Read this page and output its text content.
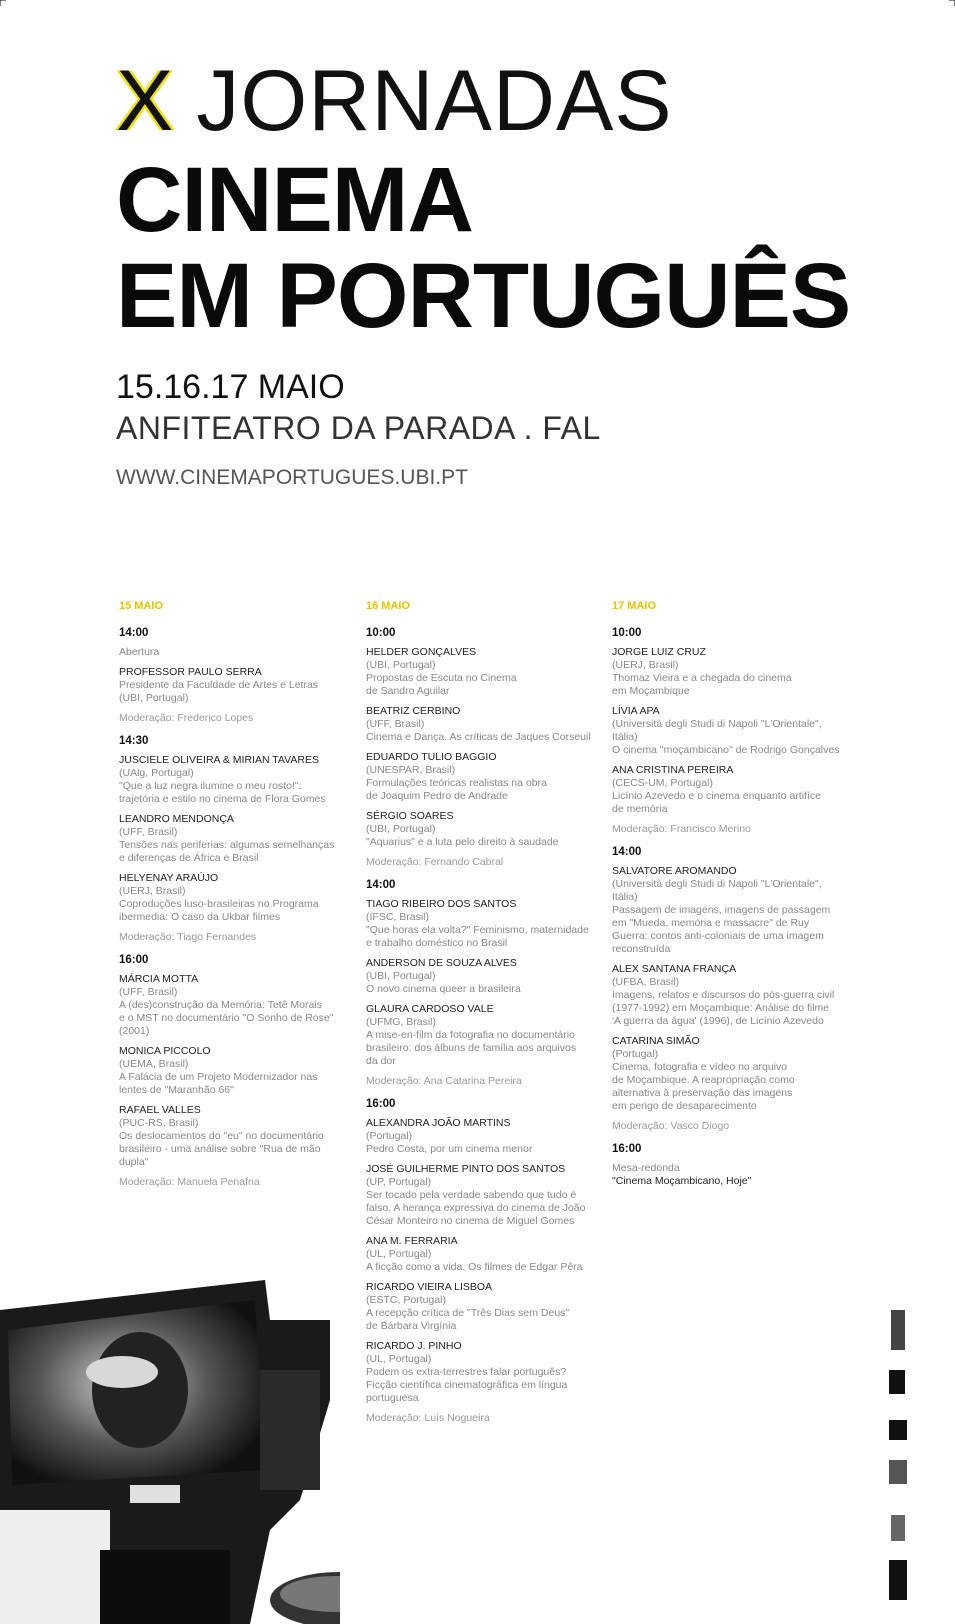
X JORNADAS
CINEMA
EM PORTUGUÊS
15.16.17 MAIO
ANFITEATRO DA PARADA . FAL
WWW.CINEMAPORTUGUES.UBI.PT
15 MAIO
14:00
Abertura
PROFESSOR PAULO SERRA
Presidente da Faculdade de Artes e Letras
(UBI, Portugal)
Moderação: Frederico Lopes
14:30
JUSCIELE OLIVEIRA & MIRIAN TAVARES
(UAlg, Portugal)
"Que a luz negra ilumine o meu rosto!":
trajetória e estilo no cinema de Flora Gomes
LEANDRO MENDONÇA
(UFF, Brasil)
Tensões nas periferias: algumas semelhanças
e diferenças de África e Brasil
HELYENAY ARAÚJO
(UERJ, Brasil)
Coproduções luso-brasileiras no Programa
ibermedia: O caso da Ukbar filmes
Moderação: Tiago Fernandes
16:00
MÁRCIA MOTTA
(UFF, Brasil)
A (des)construção da Memória: Tetê Morais
e o MST no documentário "O Sonho de Rose"
(2001)
MONICA PICCOLO
(UEMA, Brasil)
A Falácia de um Projeto Modernizador nas
lentes de "Maranhão 66"
RAFAEL VALLES
(PUC-RS, Brasil)
Os deslocamentos do "eu" no documentário
brasileiro - uma análise sobre "Rua de mão
dupla"
Moderação: Manuela Penafria
16 MAIO
10:00
HELDER GONÇALVES
(UBI, Portugal)
Propostas de Escuta no Cinema
de Sandro Aguilar
BEATRIZ CERBINO
(UFF, Brasil)
Cinema e Dança. As críticas de Jaques Corseuil
EDUARDO TULIO BAGGIO
(UNESPAR, Brasil)
Formulações teóricas realistas na obra
de Joaquim Pedro de Andrade
SÉRGIO SOARES
(UBI, Portugal)
"Aquarius" e a luta pelo direito à saudade
Moderação: Fernando Cabral
14:00
TIAGO RIBEIRO DOS SANTOS
(IFSC, Brasil)
"Que horas ela volta?" Feminismo, maternidade
e trabalho doméstico no Brasil
ANDERSON DE SOUZA ALVES
(UBI, Portugal)
O novo cinema queer a brasileira
GLAURA CARDOSO VALE
(UFMG, Brasil)
A mise-en-film da fotografia no documentário
brasileiro: dos álbuns de família aos arquivos
da dor
Moderação: Ana Catarina Pereira
16:00
ALEXANDRA JOÃO MARTINS
(Portugal)
Pedro Costa, por um cinema menor
JOSÉ GUILHERME PINTO DOS SANTOS
(UP, Portugal)
Ser tocado pela verdade sabendo que tudo é
falso. A herança expressiva do cinema de João
César Monteiro no cinema de Miguel Gomes
ANA M. FERRARIA
(UL, Portugal)
A ficção como a vida. Os filmes de Edgar Pêra
RICARDO VIEIRA LISBOA
(ESTC, Portugal)
A recepção crítica de "Três Dias sem Deus"
de Bárbara Virgínia
RICARDO J. PINHO
(UL, Portugal)
Podem os extra-terrestres falar português?
Ficção científica cinematográfica em língua
portuguesa
Moderação: Luís Nogueira
17 MAIO
10:00
JORGE LUIZ CRUZ
(UERJ, Brasil)
Thomaz Vieira e a chegada do cinema
em Moçambique
LÍVIA APA
(Università degli Studi di Napoli "L'Orientale",
Itália)
O cinema "moçambicano" de Rodrigo Gonçalves
ANA CRISTINA PEREIRA
(CECS-UM, Portugal)
Licínio Azevedo e o cinema enquanto artifíce
de memória
Moderação: Francisco Merino
14:00
SALVATORE AROMANDO
(Università degli Studi di Napoli "L'Orientale",
Itália)
Passagem de imagens, imagens de passagem
em "Mueda, memória e massacre" de Ruy
Guerra: contos anti-coloniais de uma imagem
reconstruída
ALEX SANTANA FRANÇA
(UFBA, Brasil)
Imagens, relatos e discursos do pós-guerra civil
(1977-1992) em Moçambique: Análise do filme
'A guerra da água' (1996), de Licínio Azevedo
CATARINA SIMÃO
(Portugal)
Cinema, fotografia e vídeo no arquivo
de Moçambique. A reapropriação como
alternativa à preservação das imagens
em perigo de desaparecimento
Moderação: Vasco Diogo
16:00
Mesa-redonda
"Cinema Moçambicano, Hoje"
